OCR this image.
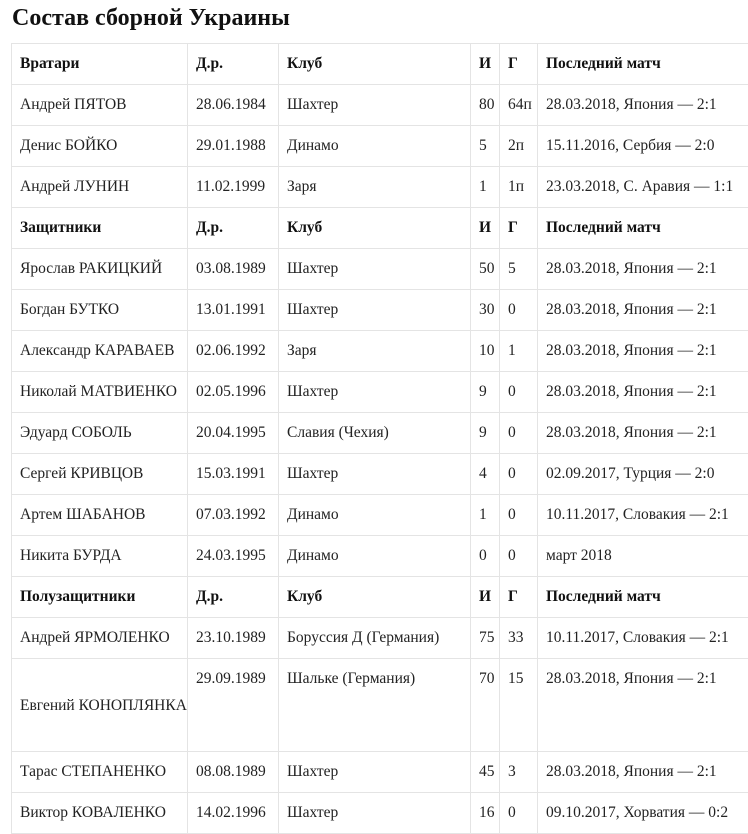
Состав сборной Украины
Вратари	Д.р.	Клуб	И	Г	Последний матч
Андрей ПЯТОВ	28.06.1984	Шахтер	80	64п	28.03.2018, Япония — 2:1
Денис БОЙКО	29.01.1988	Динамо	5	2п	15.11.2016, Сербия — 2:0
Андрей ЛУНИН	11.02.1999	Заря	1	1п	23.03.2018, С. Аравия — 1:1
Защитники	Д.р.	Клуб	И	Г	Последний матч
Ярослав РАКИЦКИЙ	03.08.1989	Шахтер	50	5	28.03.2018, Япония — 2:1
Богдан БУТКО	13.01.1991	Шахтер	30	0	28.03.2018, Япония — 2:1
Александр КАРАВАЕВ	02.06.1992	Заря	10	1	28.03.2018, Япония — 2:1
Николай МАТВИЕНКО	02.05.1996	Шахтер	9	0	28.03.2018, Япония — 2:1
Эдуард СОБОЛЬ	20.04.1995	Славия (Чехия)	9	0	28.03.2018, Япония — 2:1
Сергей КРИВЦОВ	15.03.1991	Шахтер	4	0	02.09.2017, Турция — 2:0
Артем ШАБАНОВ	07.03.1992	Динамо	1	0	10.11.2017, Словакия — 2:1
Никита БУРДА	24.03.1995	Динамо	0	0	март 2018
Полузащитники	Д.р.	Клуб	И	Г	Последний матч
Андрей ЯРМОЛЕНКО	23.10.1989	Боруссия Д (Германия)	75	33	10.11.2017, Словакия — 2:1
Евгений КОНОПЛЯНКА	29.09.1989	Шальке (Германия)	70	15	28.03.2018, Япония — 2:1
Тарас СТЕПАНЕНКО	08.08.1989	Шахтер	45	3	28.03.2018, Япония — 2:1
Виктор КОВАЛЕНКО	14.02.1996	Шахтер	16	0	09.10.2017, Хорватия — 0:2
